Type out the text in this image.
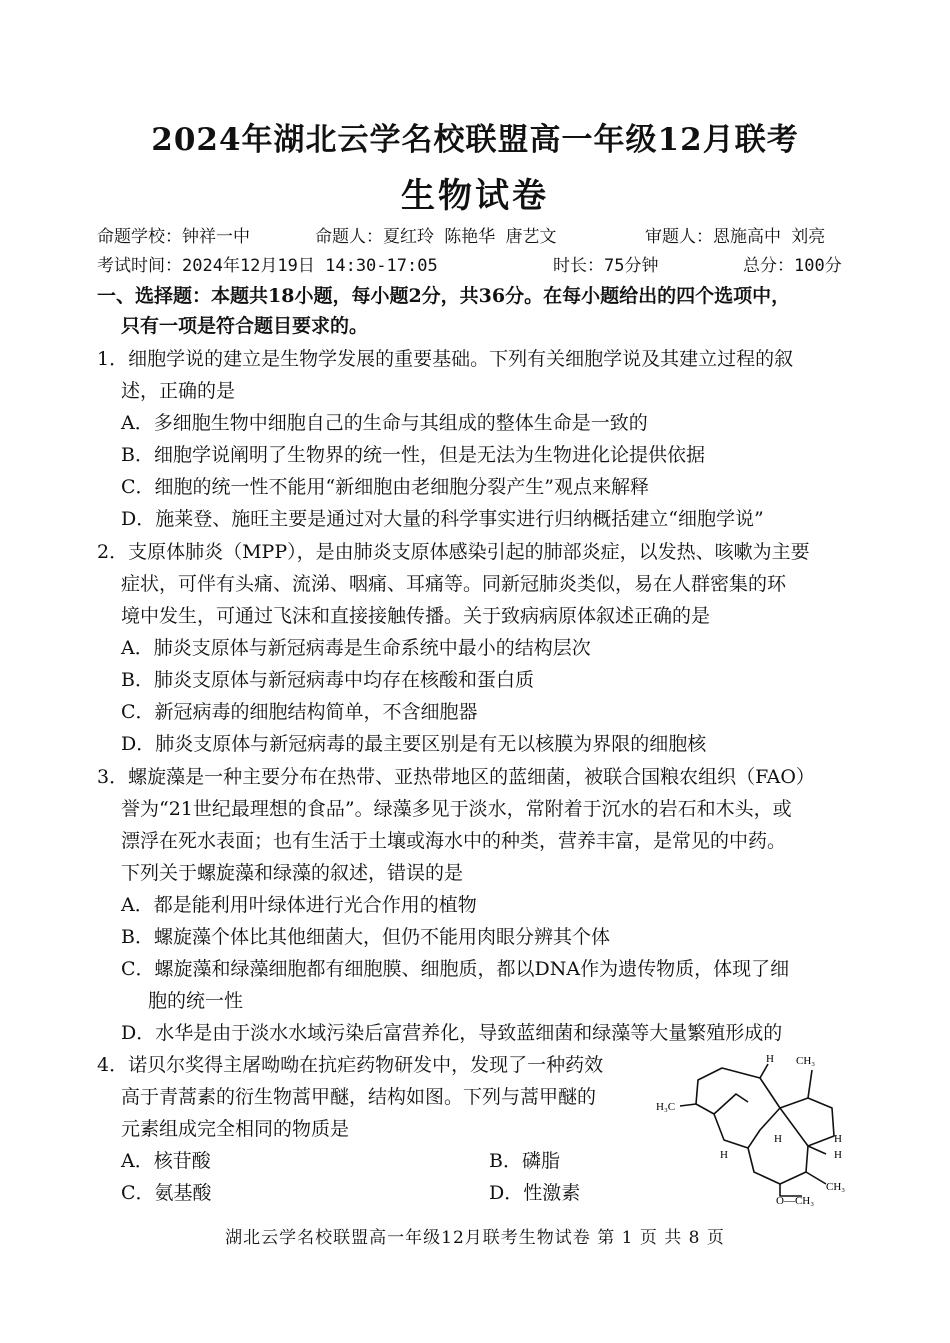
2024年湖北云学名校联盟高一年级12月联考
生物试卷
命题学校：钟祥一中	命题人：夏红玲 陈艳华 唐艺文	审题人：恩施高中 刘亮
考试时间：2024年12月19日 14:30-17:05	时长：75分钟	总分：100分
一、选择题：本题共18小题，每小题2分，共36分。在每小题给出的四个选项中，
只有一项是符合题目要求的。
1．细胞学说的建立是生物学发展的重要基础。下列有关细胞学说及其建立过程的叙
述，正确的是
A．多细胞生物中细胞自己的生命与其组成的整体生命是一致的
B．细胞学说阐明了生物界的统一性，但是无法为生物进化论提供依据
C．细胞的统一性不能用“新细胞由老细胞分裂产生”观点来解释
D．施莱登、施旺主要是通过对大量的科学事实进行归纳概括建立“细胞学说”
2．支原体肺炎（MPP），是由肺炎支原体感染引起的肺部炎症，以发热、咳嗽为主要
症状，可伴有头痛、流涕、咽痛、耳痛等。同新冠肺炎类似，易在人群密集的环
境中发生，可通过飞沫和直接接触传播。关于致病病原体叙述正确的是
A．肺炎支原体与新冠病毒是生命系统中最小的结构层次
B．肺炎支原体与新冠病毒中均存在核酸和蛋白质
C．新冠病毒的细胞结构简单，不含细胞器
D．肺炎支原体与新冠病毒的最主要区别是有无以核膜为界限的细胞核
3．螺旋藻是一种主要分布在热带、亚热带地区的蓝细菌，被联合国粮农组织（FAO）
誉为“21世纪最理想的食品”。绿藻多见于淡水，常附着于沉水的岩石和木头，或
漂浮在死水表面；也有生活于土壤或海水中的种类，营养丰富，是常见的中药。
下列关于螺旋藻和绿藻的叙述，错误的是
A．都是能利用叶绿体进行光合作用的植物
B．螺旋藻个体比其他细菌大，但仍不能用肉眼分辨其个体
C．螺旋藻和绿藻细胞都有细胞膜、细胞质，都以DNA作为遗传物质，体现了细
胞的统一性
D．水华是由于淡水水域污染后富营养化，导致蓝细菌和绿藻等大量繁殖形成的
4．诺贝尔奖得主屠呦呦在抗疟药物研发中，发现了一种药效
高于青蒿素的衍生物蒿甲醚，结构如图。下列与蒿甲醚的
元素组成完全相同的物质是
A．核苷酸	B．磷脂
C．氨基酸	D．性激素
CH₃
H₃C
H
H
H
H
H
CH₃
O—CH₃
湖北云学名校联盟高一年级12月联考生物试卷 第 1 页 共 8 页
